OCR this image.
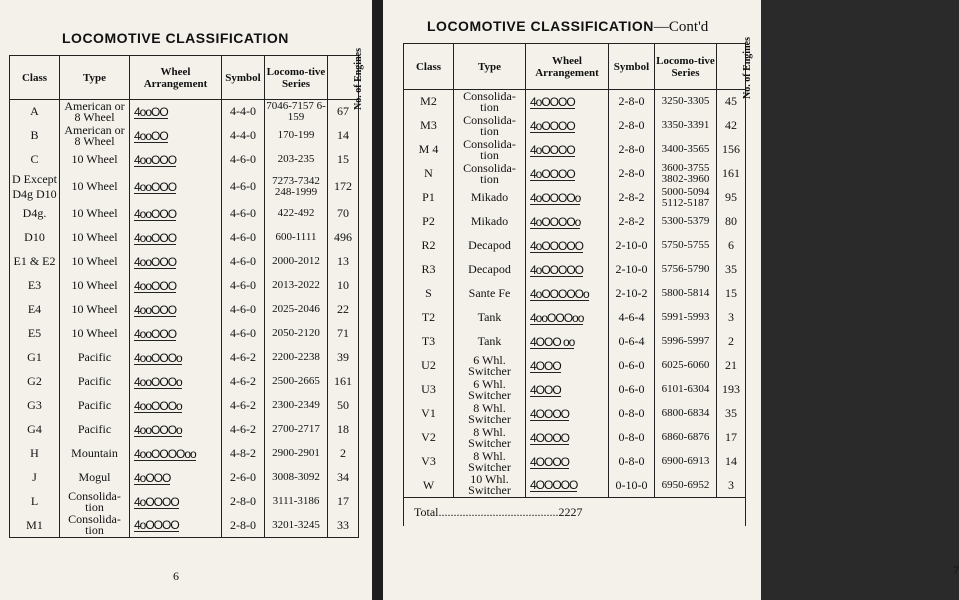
LOCOMOTIVE CLASSIFICATION
Class	Type	Wheel Arrangement	Symbol	Locomo-tive Series	No. of Engines
A	American or 8 Wheel	4ooOO	4-4-0	7046-7157 6-159	67
B	American or 8 Wheel	4ooOO	4-4-0	170-199	14
C	10 Wheel	4ooOOO	4-6-0	203-235	15
D Except D4g D10	10 Wheel	4ooOOO	4-6-0	7273-7342 248-1999	172
D4g.	10 Wheel	4ooOOO	4-6-0	422-492	70
D10	10 Wheel	4ooOOO	4-6-0	600-1111	496
E1 & E2	10 Wheel	4ooOOO	4-6-0	2000-2012	13
E3	10 Wheel	4ooOOO	4-6-0	2013-2022	10
E4	10 Wheel	4ooOOO	4-6-0	2025-2046	22
E5	10 Wheel	4ooOOO	4-6-0	2050-2120	71
G1	Pacific	4ooOOOo	4-6-2	2200-2238	39
G2	Pacific	4ooOOOo	4-6-2	2500-2665	161
G3	Pacific	4ooOOOo	4-6-2	2300-2349	50
G4	Pacific	4ooOOOo	4-6-2	2700-2717	18
H	Mountain	4ooOOOOoo	4-8-2	2900-2901	2
J	Mogul	4oOOO	2-6-0	3008-3092	34
L	Consolida- tion	4oOOOO	2-8-0	3111-3186	17
M1	Consolida- tion	4oOOOO	2-8-0	3201-3245	33
6
LOCOMOTIVE CLASSIFICATION—Cont'd
Class	Type	Wheel Arrangement	Symbol	Locomo-tive Series	No. of Engines
M2	Consolida- tion	4oOOOO	2-8-0	3250-3305	45
M3	Consolida- tion	4oOOOO	2-8-0	3350-3391	42
M 4	Consolida- tion	4oOOOO	2-8-0	3400-3565	156
N	Consolida- tion	4oOOOO	2-8-0	3600-3755 3802-3960	161
P1	Mikado	4oOOOOo	2-8-2	5000-5094 5112-5187	95
P2	Mikado	4oOOOOo	2-8-2	5300-5379	80
R2	Decapod	4oOOOOO	2-10-0	5750-5755	6
R3	Decapod	4oOOOOO	2-10-0	5756-5790	35
S	Sante Fe	4oOOOOOo	2-10-2	5800-5814	15
T2	Tank	4ooOOOoo	4-6-4	5991-5993	3
T3	Tank	4OOO oo	0-6-4	5996-5997	2
U2	6 Whl. Switcher	4OOO	0-6-0	6025-6060	21
U3	6 Whl. Switcher	4OOO	0-6-0	6101-6304	193
V1	8 Whl. Switcher	4OOOO	0-8-0	6800-6834	35
V2	8 Whl. Switcher	4OOOO	0-8-0	6860-6876	17
V3	8 Whl. Switcher	4OOOO	0-8-0	6900-6913	14
W	10 Whl. Switcher	4OOOOO	0-10-0	6950-6952	3
Total........................................2227					
7
